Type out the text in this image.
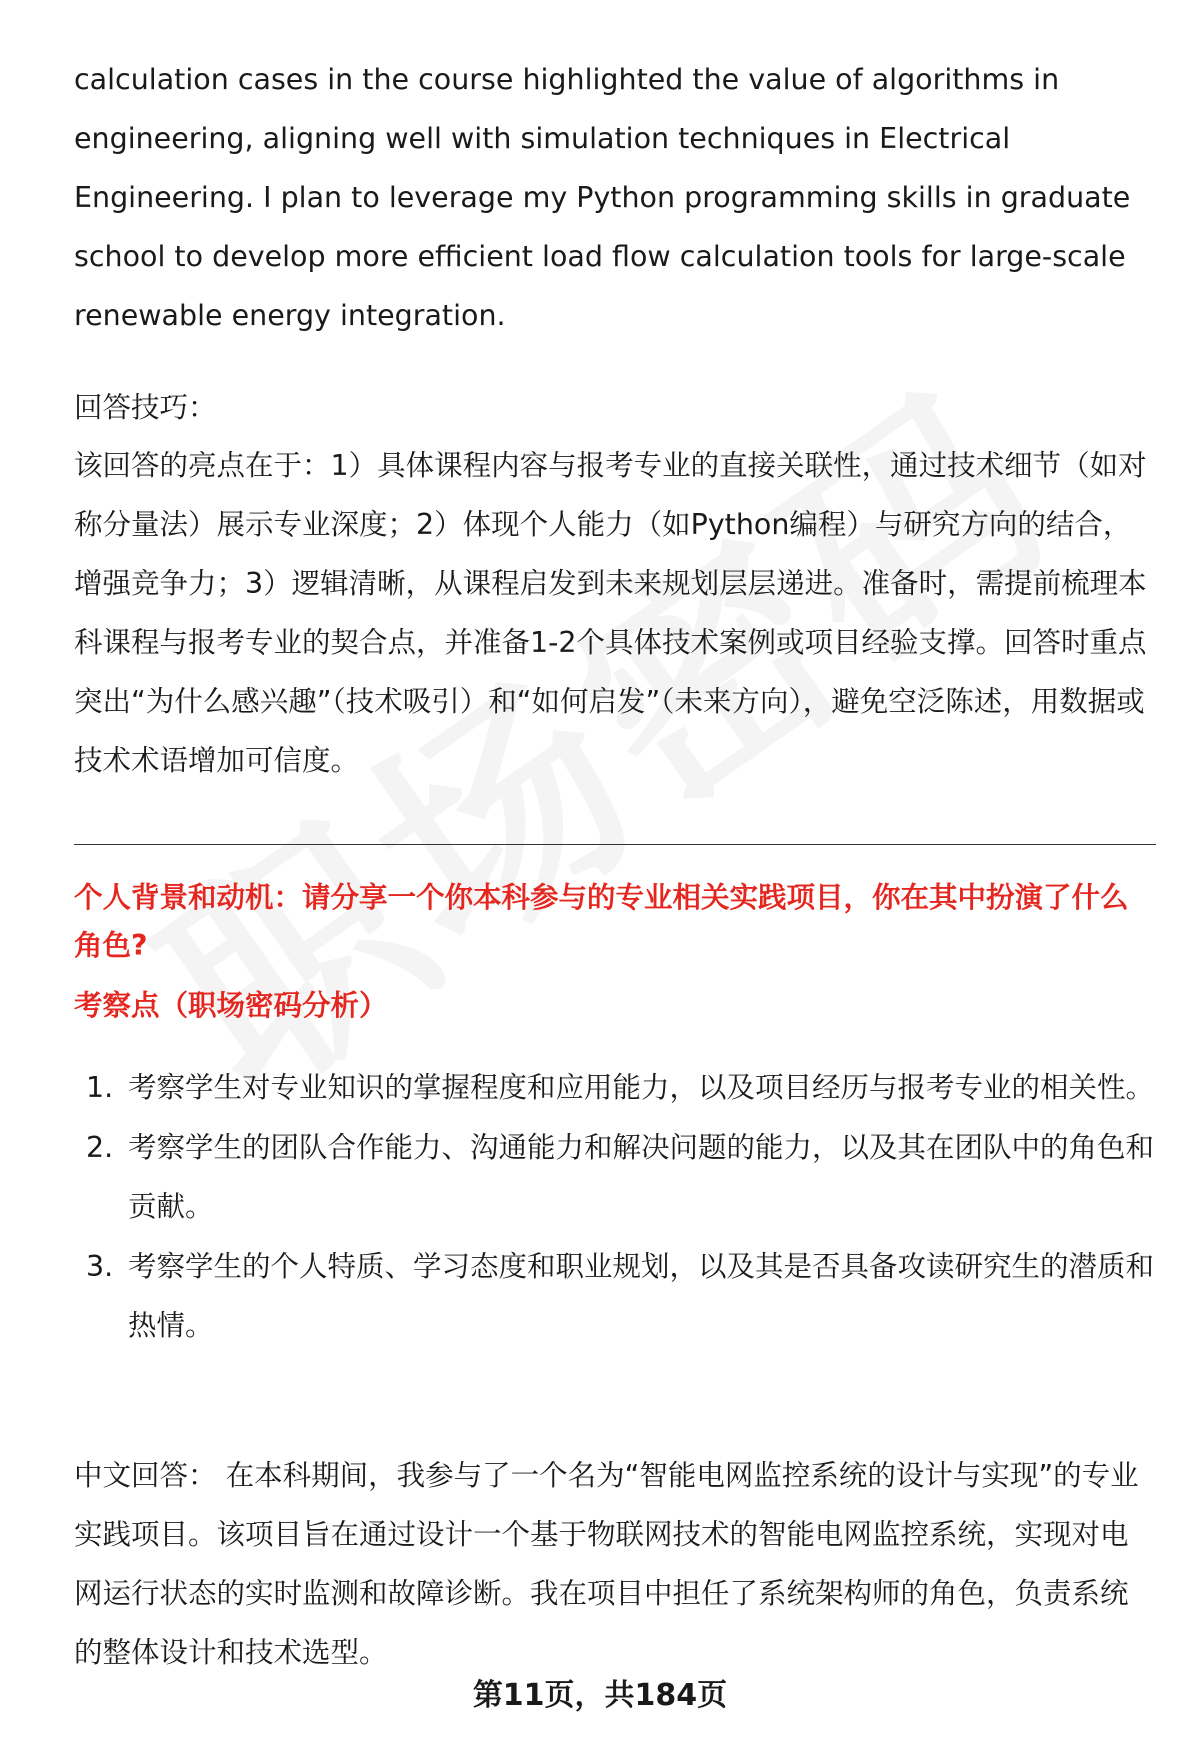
calculation cases in the course highlighted the value of algorithms in engineering, aligning well with simulation techniques in Electrical Engineering. I plan to leverage my Python programming skills in graduate school to develop more efficient load flow calculation tools for large-scale renewable energy integration.

回答技巧：

该回答的亮点在于：1）具体课程内容与报考专业的直接关联性，通过技术细节（如对称分量法）展示专业深度；2）体现个人能力（如Python编程）与研究方向的结合，增强竞争力；3）逻辑清晰，从课程启发到未来规划层层递进。准备时，需提前梳理本科课程与报考专业的契合点，并准备1-2个具体技术案例或项目经验支撑。回答时重点突出“为什么感兴趣”（技术吸引）和“如何启发”（未来方向），避免空泛陈述，用数据或技术术语增加可信度。

个人背景和动机：请分享一个你本科参与的专业相关实践项目，你在其中扮演了什么角色?

考察点（职场密码分析）

1. 考察学生对专业知识的掌握程度和应用能力，以及项目经历与报考专业的相关性。
2. 考察学生的团队合作能力、沟通能力和解决问题的能力，以及其在团队中的角色和贡献。
3. 考察学生的个人特质、学习态度和职业规划，以及其是否具备攻读研究生的潜质和热情。

中文回答： 在本科期间，我参与了一个名为“智能电网监控系统的设计与实现”的专业实践项目。该项目旨在通过设计一个基于物联网技术的智能电网监控系统，实现对电网运行状态的实时监测和故障诊断。我在项目中担任了系统架构师的角色，负责系统的整体设计和技术选型。

第11页，共184页
